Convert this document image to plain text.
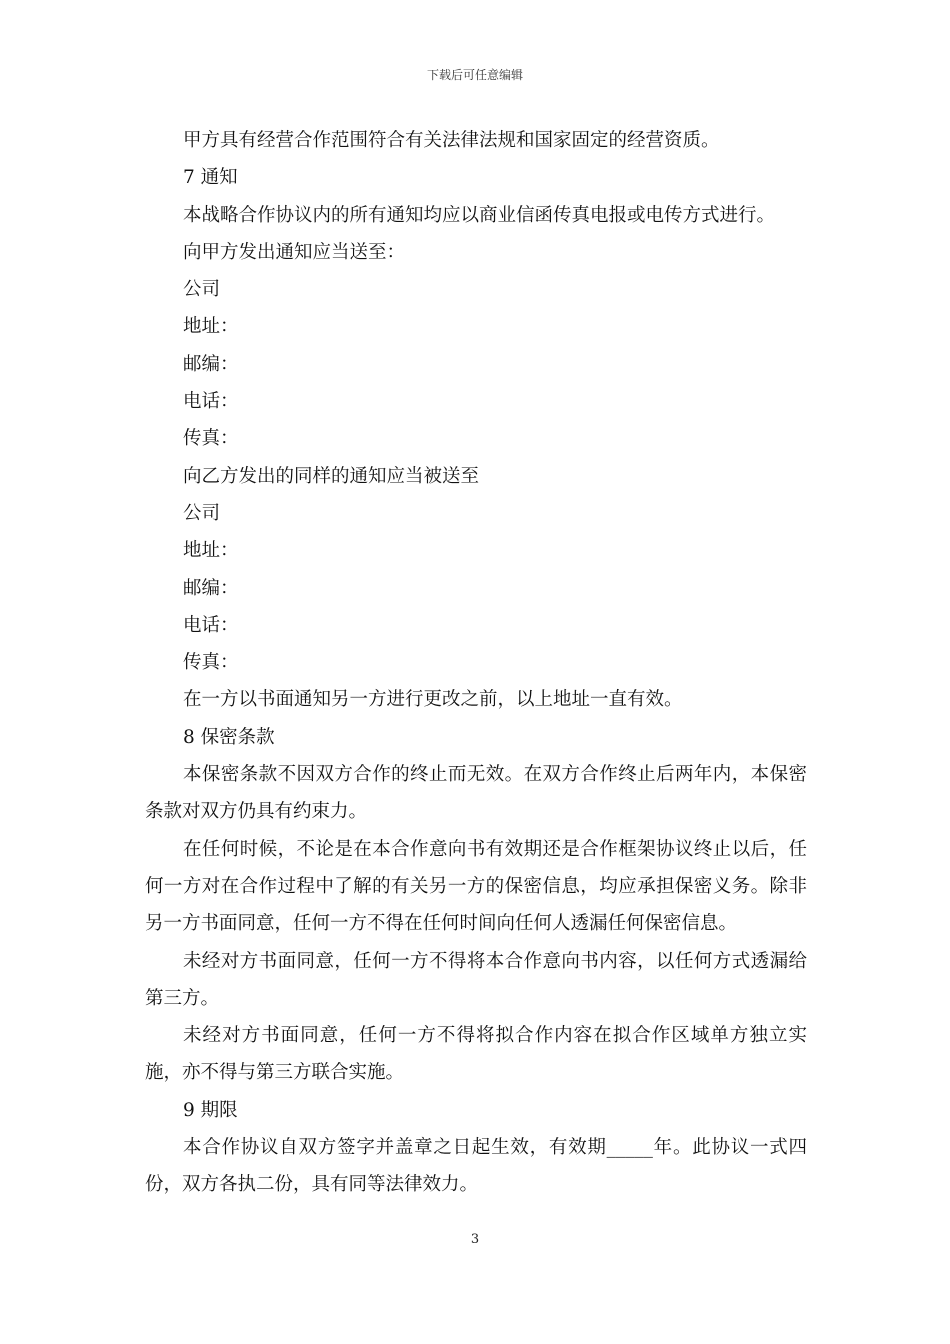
下载后可任意编辑
甲方具有经营合作范围符合有关法律法规和国家固定的经营资质。
7 通知
本战略合作协议内的所有通知均应以商业信函传真电报或电传方式进行。
向甲方发出通知应当送至：
公司
地址：
邮编：
电话：
传真：
向乙方发出的同样的通知应当被送至
公司
地址：
邮编：
电话：
传真：
在一方以书面通知另一方进行更改之前，以上地址一直有效。
8 保密条款

本保密条款不因双方合作的终止而无效。在双方合作终止后两年内，本保密条款对双方仍具有约束力。

在任何时候，不论是在本合作意向书有效期还是合作框架协议终止以后，任何一方对在合作过程中了解的有关另一方的保密信息，均应承担保密义务。除非另一方书面同意，任何一方不得在任何时间向任何人透漏任何保密信息。

未经对方书面同意，任何一方不得将本合作意向书内容，以任何方式透漏给第三方。

未经对方书面同意，任何一方不得将拟合作内容在拟合作区域单方独立实施，亦不得与第三方联合实施。

9 期限

本合作协议自双方签字并盖章之日起生效，有效期_____年。此协议一式四份，双方各执二份，具有同等法律效力。

3
